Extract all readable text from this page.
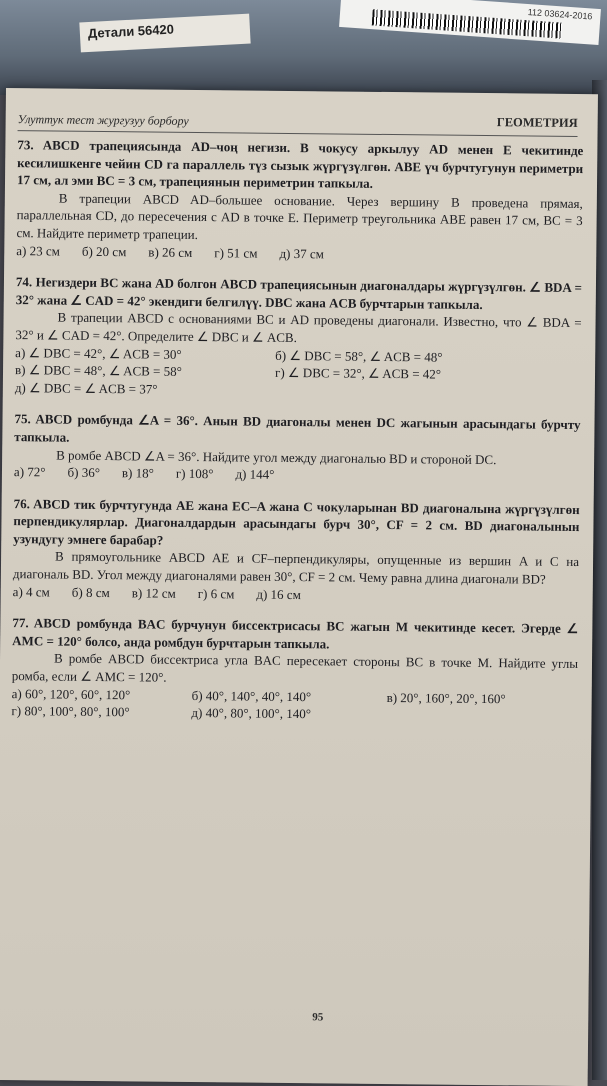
Детали 56420
112 03624-2016
Улуттук тест жургузуу борбору	ГЕОМЕТРИЯ

73. ABCD трапециясында AD–чоң негизи. B чокусу аркылуу AD менен E чекитинде кесилишкенге чейин CD га параллель түз сызык жүргүзүлгөн. ABE үч бурчтугунун периметри 17 см, ал эми BC = 3 см, трапециянын периметрин тапкыла.

В трапеции ABCD AD–большее основание. Через вершину B проведена прямая, параллельная CD, до пересечения с AD в точке E. Периметр треугольника ABE равен 17 см, BC = 3 см. Найдите периметр трапеции.

а) 23 см б) 20 см в) 26 см г) 51 см д) 37 см

74. Негиздери BC жана AD болгон ABCD трапециясынын диагоналдары жүргүзүлгөн. ∠ BDA = 32° жана ∠ CAD = 42° экендиги белгилүү. DBC жана ACB бурчтарын тапкыла.

В трапеции ABCD с основаниями BC и AD проведены диагонали. Известно, что ∠ BDA = 32° и ∠ CAD = 42°. Определите ∠ DBC и ∠ ACB.

а) ∠ DBC = 42°, ∠ ACB = 30°	б) ∠ DBC = 58°, ∠ ACB = 48°
в) ∠ DBC = 48°, ∠ ACB = 58°	г) ∠ DBC = 32°, ∠ ACB = 42°
д) ∠ DBC = ∠ ACB = 37°

75. ABCD ромбунда ∠A = 36°. Анын BD диагоналы менен DC жагынын арасындагы бурчту тапкыла.

В ромбе ABCD ∠A = 36°. Найдите угол между диагональю BD и стороной DC.

а) 72° б) 36° в) 18° г) 108° д) 144°

76. ABCD тик бурчтугунда AE жана EC–A жана C чокуларынан BD диагоналына жүргүзүлгөн перпендикулярлар. Диагоналдардын арасындагы бурч 30°, CF = 2 см. BD диагоналынын узундугу эмнеге барабар?

В прямоугольнике ABCD AE и CF–перпендикуляры, опущенные из вершин A и C на диагональ BD. Угол между диагоналями равен 30°, CF = 2 см. Чему равна длина диагонали BD?

а) 4 см б) 8 см в) 12 см г) 6 см д) 16 см

77. ABCD ромбунда BAC бурчунун биссектрисасы BC жагын M чекитинде кесет. Эгерде ∠ AMC = 120° болсо, анда ромбдун бурчтарын тапкыла.

В ромбе ABCD биссектриса угла BAC пересекает стороны BC в точке M. Найдите углы ромба, если ∠ AMC = 120°.

а) 60°, 120°, 60°, 120°	б) 40°, 140°, 40°, 140°	в) 20°, 160°, 20°, 160°
г) 80°, 100°, 80°, 100°	д) 40°, 80°, 100°, 140°
95
